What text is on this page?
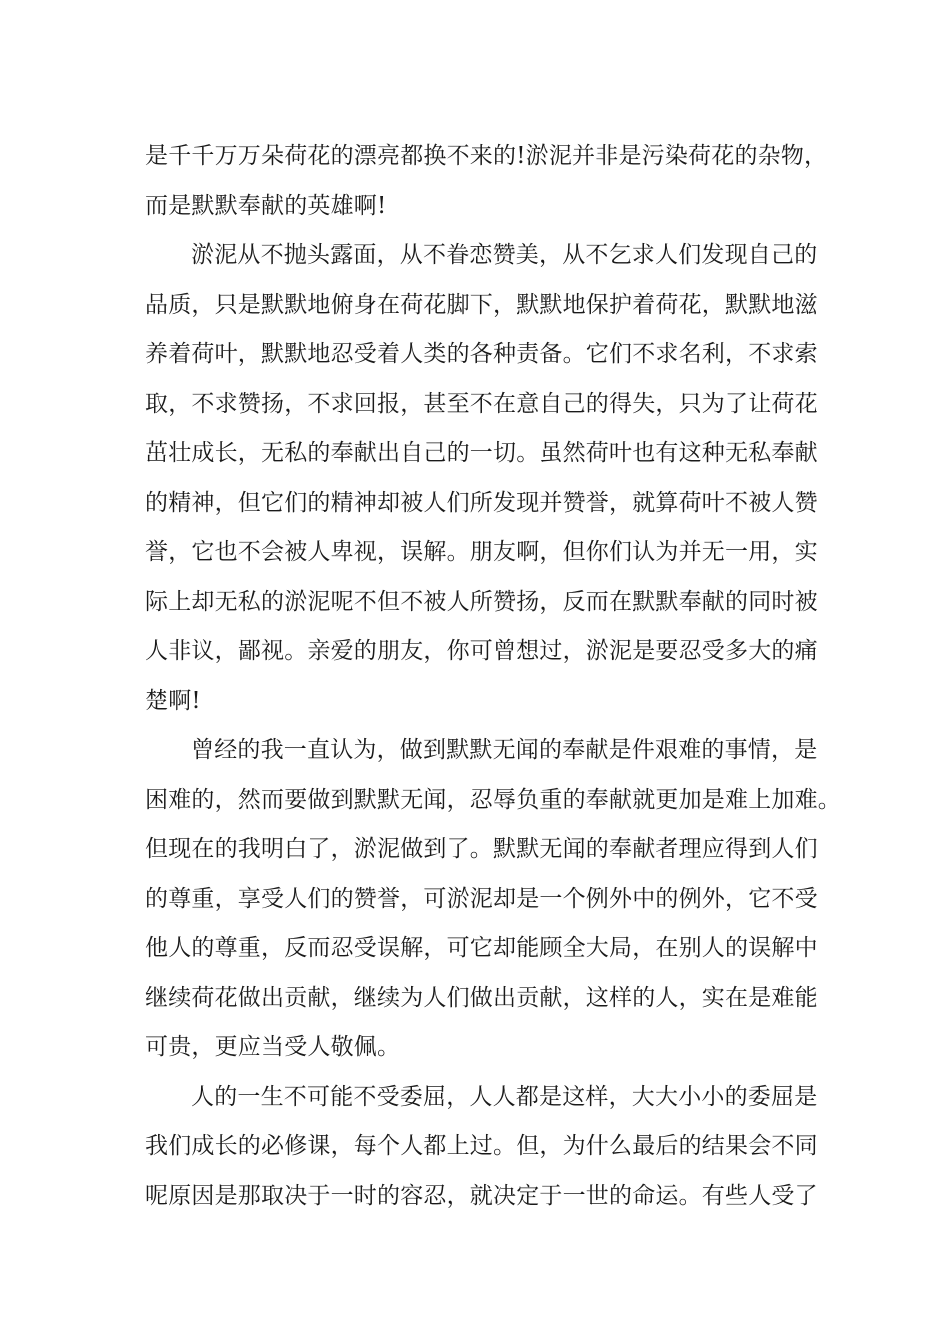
是千千万万朵荷花的漂亮都换不来的!淤泥并非是污染荷花的杂物，
而是默默奉献的英雄啊!
淤泥从不抛头露面，从不眷恋赞美，从不乞求人们发现自己的
品质，只是默默地俯身在荷花脚下，默默地保护着荷花，默默地滋
养着荷叶，默默地忍受着人类的各种责备。它们不求名利，不求索
取，不求赞扬，不求回报，甚至不在意自己的得失，只为了让荷花
茁壮成长，无私的奉献出自己的一切。虽然荷叶也有这种无私奉献
的精神，但它们的精神却被人们所发现并赞誉，就算荷叶不被人赞
誉，它也不会被人卑视，误解。朋友啊，但你们认为并无一用，实
际上却无私的淤泥呢不但不被人所赞扬，反而在默默奉献的同时被
人非议，鄙视。亲爱的朋友，你可曾想过，淤泥是要忍受多大的痛
楚啊!
曾经的我一直认为，做到默默无闻的奉献是件艰难的事情，是
困难的，然而要做到默默无闻，忍辱负重的奉献就更加是难上加难。
但现在的我明白了，淤泥做到了。默默无闻的奉献者理应得到人们
的尊重，享受人们的赞誉，可淤泥却是一个例外中的例外，它不受
他人的尊重，反而忍受误解，可它却能顾全大局，在别人的误解中
继续荷花做出贡献，继续为人们做出贡献，这样的人，实在是难能
可贵，更应当受人敬佩。
人的一生不可能不受委屈，人人都是这样，大大小小的委屈是
我们成长的必修课，每个人都上过。但，为什么最后的结果会不同
呢原因是那取决于一时的容忍，就决定于一世的命运。有些人受了
